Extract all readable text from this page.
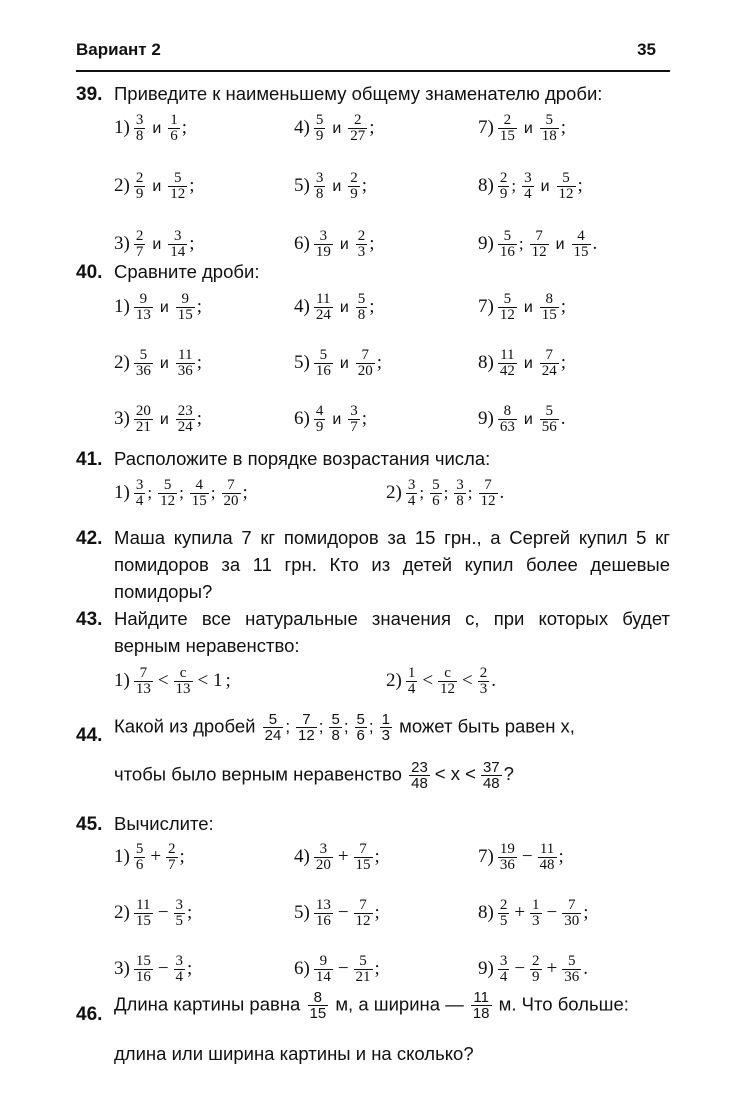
Вариант 2	35
39. Приведите к наименьшему общему знаменателю дроби:
$1) \frac{3}{8}$ и $\frac{1}{6}$ ;	$4) \frac{5}{9}$ и $\frac{2}{27}$ ;	$7) \frac{2}{15}$ и $\frac{5}{18}$ ;
$2) \frac{2}{9}$ и $\frac{5}{12}$ ;	$5) \frac{3}{8}$ и $\frac{2}{9}$ ;	$8) \frac{2}{9}$ ; $\frac{3}{4}$ и $\frac{5}{12}$ ;
$3) \frac{2}{7}$ и $\frac{3}{14}$ ;	$6) \frac{3}{19}$ и $\frac{2}{3}$ ;	$9) \frac{5}{16}$ ; $\frac{7}{12}$ и $\frac{4}{15}$ .
40. Сравните дроби:
$1) \frac{9}{13}$ и $\frac{9}{15}$ ;	$4) \frac{11}{24}$ и $\frac{5}{8}$ ;	$7) \frac{5}{12}$ и $\frac{8}{15}$ ;
$2) \frac{5}{36}$ и $\frac{11}{36}$ ;	$5) \frac{5}{16}$ и $\frac{7}{20}$ ;	$8) \frac{11}{42}$ и $\frac{7}{24}$ ;
$3) \frac{20}{21}$ и $\frac{23}{24}$ ;	$6) \frac{4}{9}$ и $\frac{3}{7}$ ;	$9) \frac{8}{63}$ и $\frac{5}{56}$ .
41. Расположите в порядке возрастания числа:
$1) \frac{3}{4}$ ; $\frac{5}{12}$ ; $\frac{4}{15}$ ; $\frac{7}{20}$ ;	$2) \frac{3}{4}$ ; $\frac{5}{6}$ ; $\frac{3}{8}$ ; $\frac{7}{12}$ .
42. Маша купила 7 кг помидоров за 15 грн., а Сергей купил 5 кг помидоров за 11 грн. Кто из детей купил более дешевые помидоры?
43. Найдите все натуральные значения c, при которых будет верным неравенство:
$1) \frac{7}{13} < \frac{c}{13} < 1$ ;	$2) \frac{1}{4} < \frac{c}{12} < \frac{2}{3}$ .
44. Какой из дробей $\frac{5}{24}$ ; $\frac{7}{12}$ ; $\frac{5}{8}$ ; $\frac{5}{6}$ ; $\frac{1}{3}$ может быть равен x,
чтобы было верным неравенство $\frac{23}{48} < x < \frac{37}{48}$ ?
45. Вычислите:
$1) \frac{5}{6} + \frac{2}{7}$ ;	$4) \frac{3}{20} + \frac{7}{15}$ ;	$7) \frac{19}{36} - \frac{11}{48}$ ;
$2) \frac{11}{15} - \frac{3}{5}$ ;	$5) \frac{13}{16} - \frac{7}{12}$ ;	$8) \frac{2}{5} + \frac{1}{3} - \frac{7}{30}$ ;
$3) \frac{15}{16} - \frac{3}{4}$ ;	$6) \frac{9}{14} - \frac{5}{21}$ ;	$9) \frac{3}{4} - \frac{2}{9} + \frac{5}{36}$ .
46.
Длина картины равна $\frac{8}{15} м$, а ширина — $\frac{11}{18} м$. Что больше:
длина или ширина картины и на сколько?
